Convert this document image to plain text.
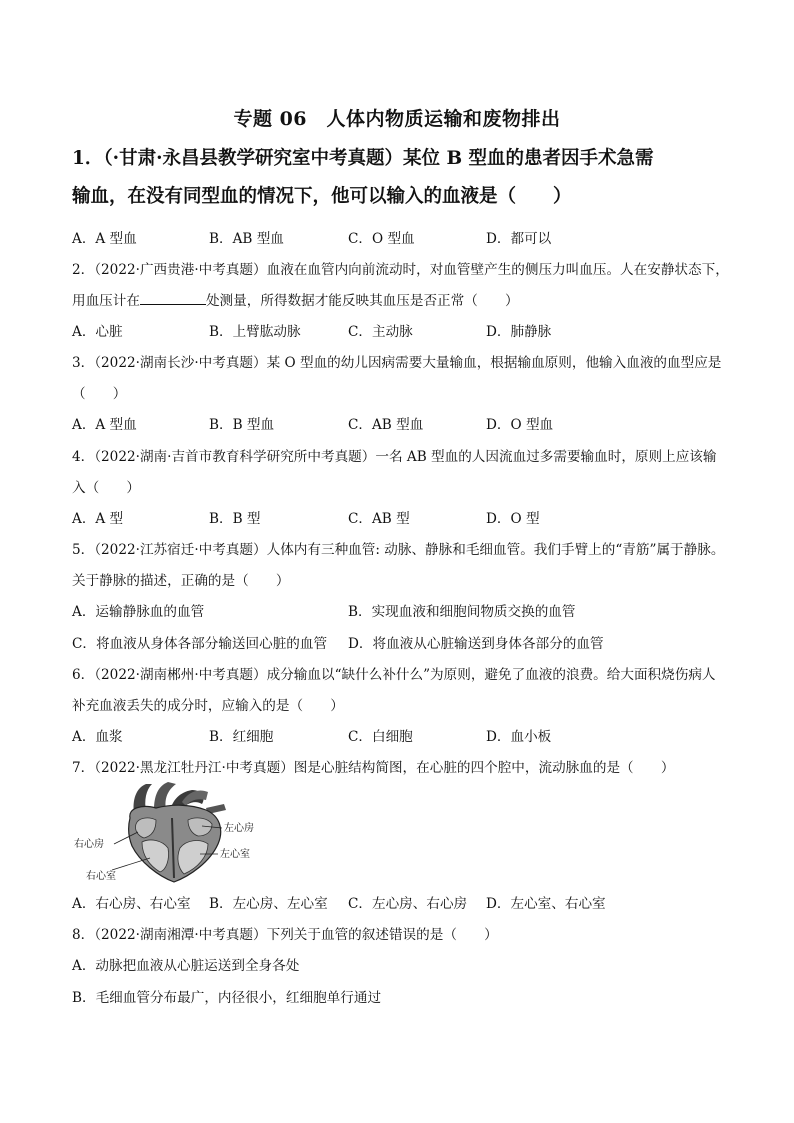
专题 06　人体内物质运输和废物排出
1．（·甘肃·永昌县教学研究室中考真题）某位 B 型血的患者因手术急需
输血，在没有同型血的情况下，他可以输入的血液是（　　）
A．A 型血	B．AB 型血	C．O 型血	D．都可以
2．（2022·广西贵港·中考真题）血液在血管内向前流动时，对血管壁产生的侧压力叫血压。人在安静状态下，
用血压计在	处测量，所得数据才能反映其血压是否正常（　　）
A．心脏	B．上臂肱动脉	C．主动脉	D．肺静脉
3．（2022·湖南长沙·中考真题）某 O 型血的幼儿因病需要大量输血，根据输血原则，他输入血液的血型应是
（　　）
A．A 型血	B．B 型血	C．AB 型血	D．O 型血
4．（2022·湖南·吉首市教育科学研究所中考真题）一名 AB 型血的人因流血过多需要输血时，原则上应该输
入（　　）
A．A 型	B．B 型	C．AB 型	D．O 型
5．（2022·江苏宿迁·中考真题）人体内有三种血管: 动脉、静脉和毛细血管。我们手臂上的“青筋”属于静脉。
关于静脉的描述，正确的是（　　）
A．运输静脉血的血管	B．实现血液和细胞间物质交换的血管
C．将血液从身体各部分输送回心脏的血管 D．将血液从心脏输送到身体各部分的血管
6．（2022·湖南郴州·中考真题）成分输血以“缺什么补什么”为原则，避免了血液的浪费。给大面积烧伤病人
补充血液丢失的成分时，应输入的是（　　）
A．血浆	B．红细胞	C．白细胞	D．血小板
7．（2022·黑龙江牡丹江·中考真题）图是心脏结构简图，在心脏的四个腔中，流动脉血的是（　　）
左心房
左心室
右心房
右心室
A．右心房、右心室 B．左心房、左心室 C．左心房、右心房 D．左心室、右心室
8．（2022·湖南湘潭·中考真题）下列关于血管的叙述错误的是（　　）
A．动脉把血液从心脏运送到全身各处
B．毛细血管分布最广，内径很小，红细胞单行通过
